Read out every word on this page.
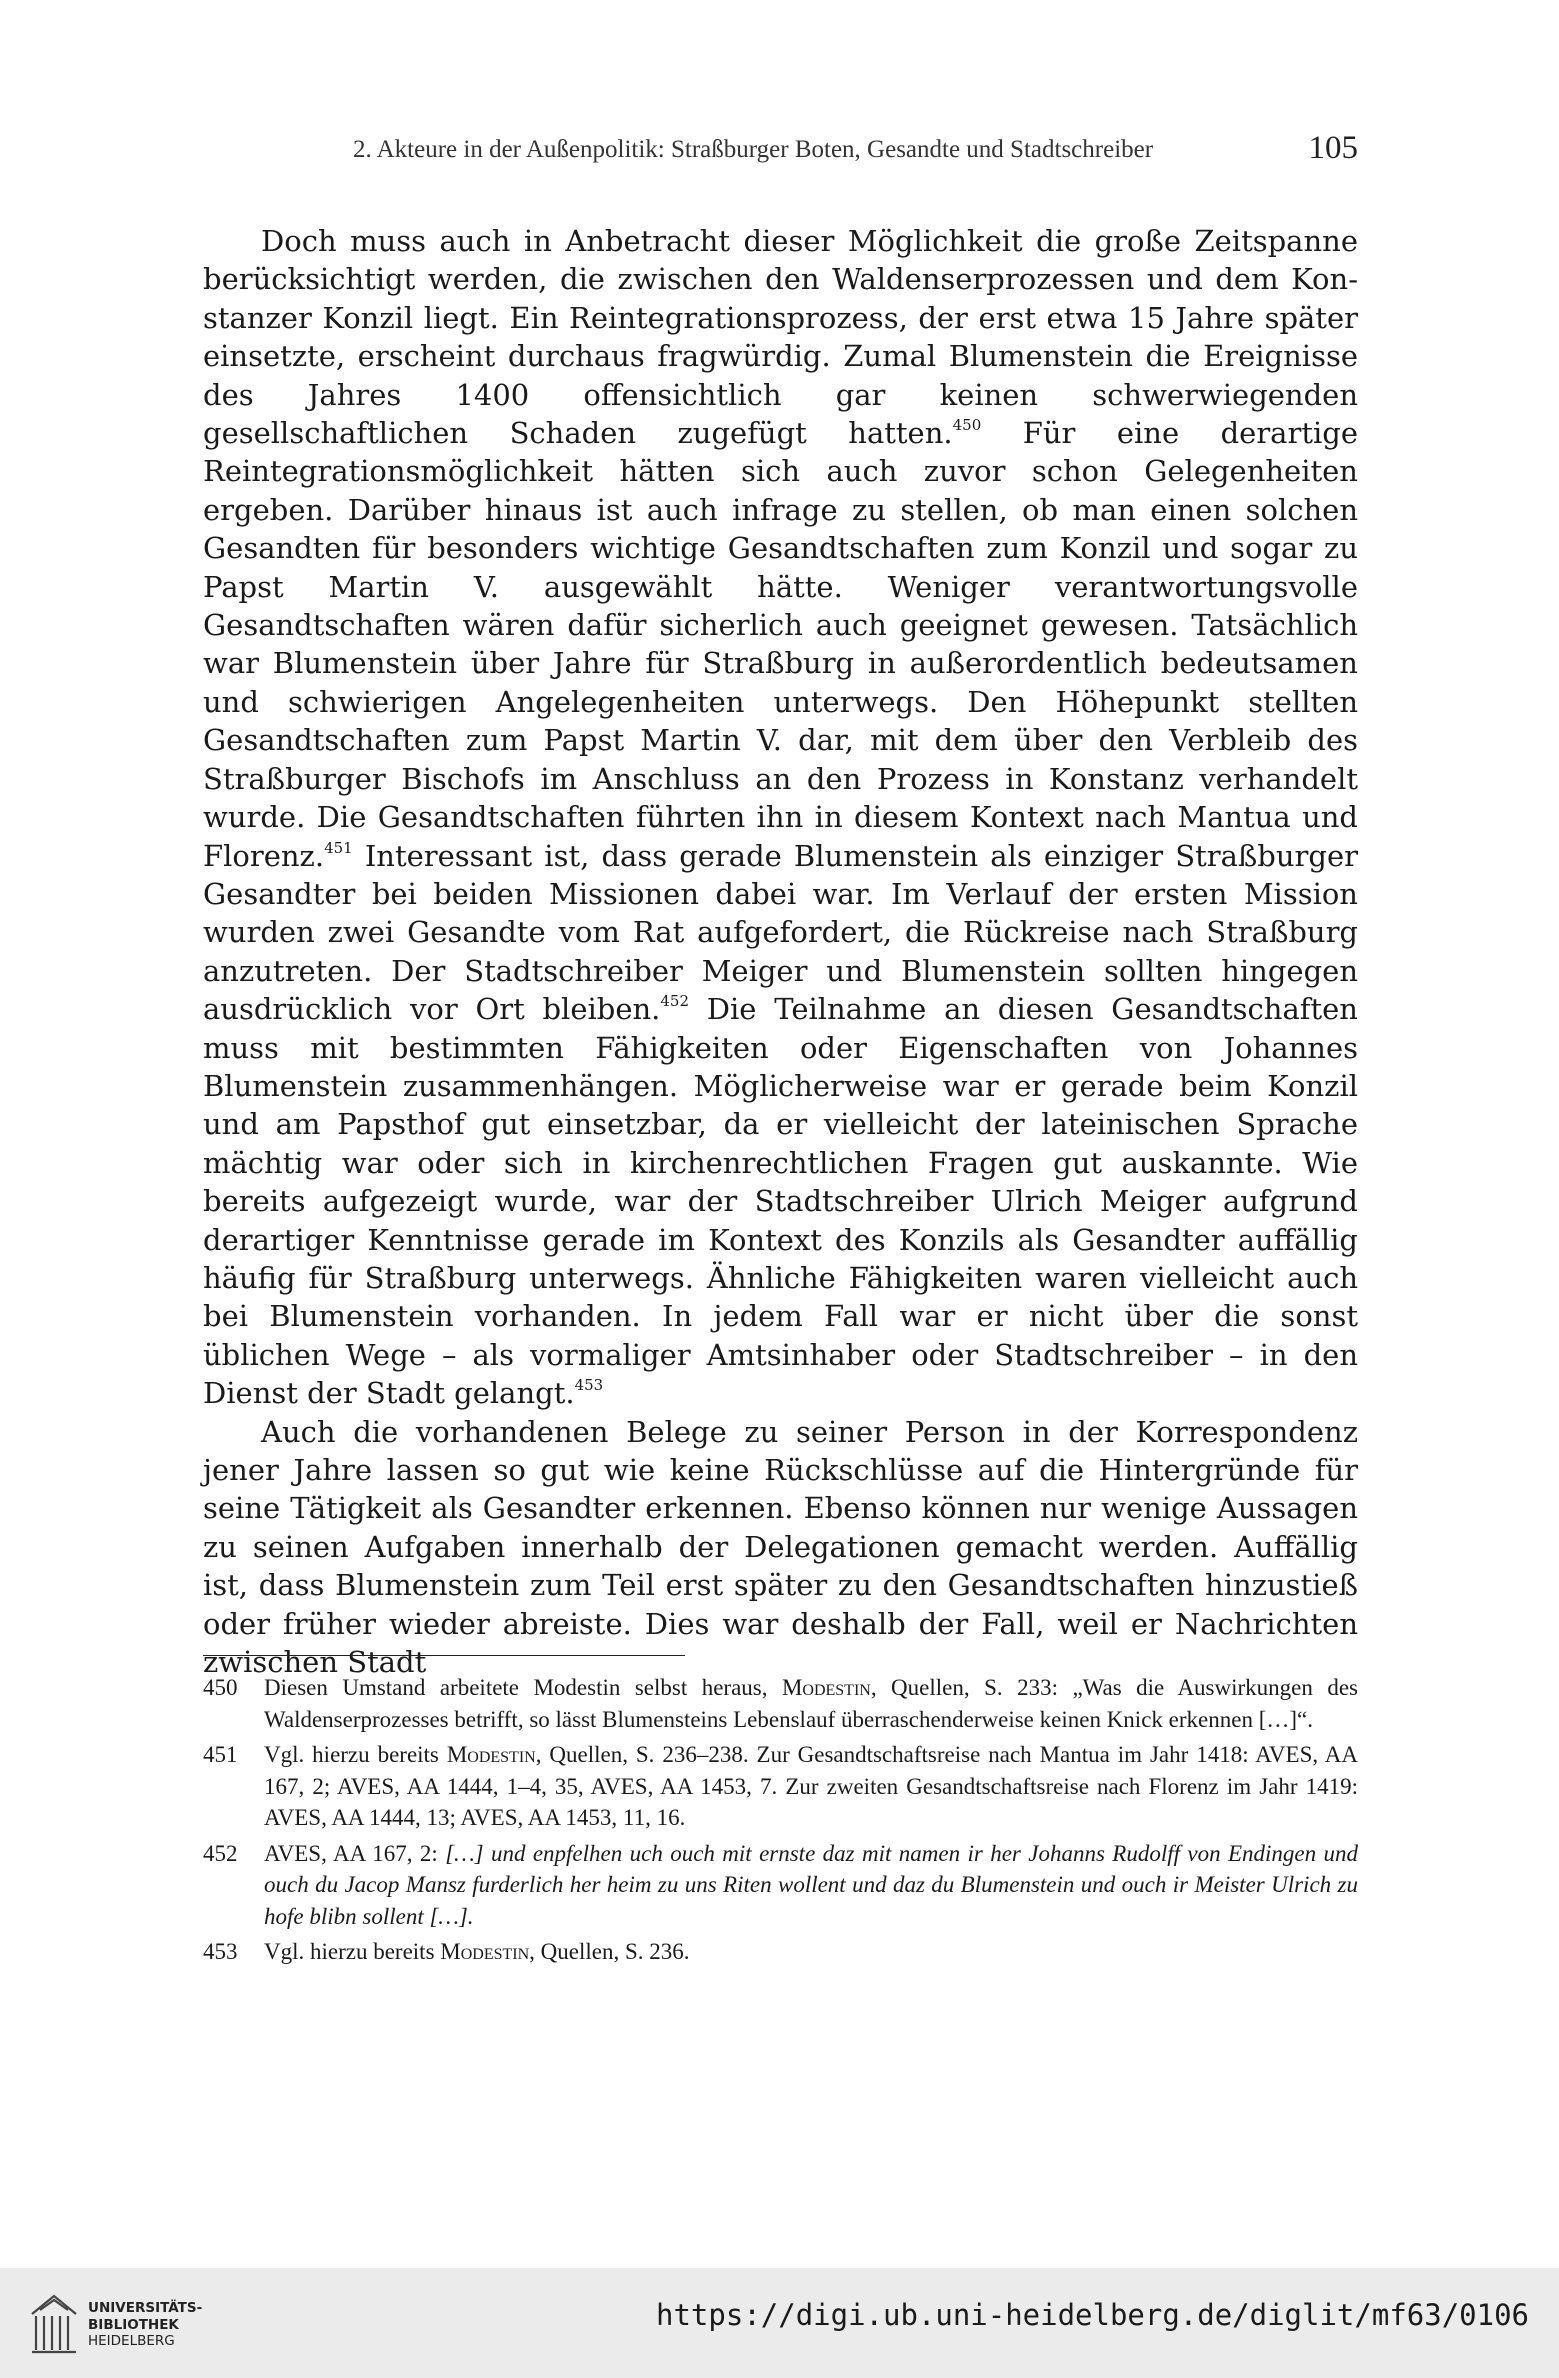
2. Akteure in der Außenpolitik: Straßburger Boten, Gesandte und Stadtschreiber	105

Doch muss auch in Anbetracht dieser Möglichkeit die große Zeitspanne berücksichtigt werden, die zwischen den Waldenserprozessen und dem Konstanzer Konzil liegt. Ein Reintegrationsprozess, der erst etwa 15 Jahre später einsetzte, erscheint durchaus fragwürdig. Zumal Blumenstein die Ereignisse des Jahres 1400 offensichtlich gar keinen schwerwiegenden gesellschaftlichen Schaden zugefügt hatten.$^{450}$ Für eine derartige Reintegrationsmöglichkeit hätten sich auch zuvor schon Gelegenheiten ergeben. Darüber hinaus ist auch infrage zu stellen, ob man einen solchen Gesandten für besonders wichtige Gesandtschaften zum Konzil und sogar zu Papst Martin V. ausgewählt hätte. Weniger verantwortungsvolle Gesandtschaften wären dafür sicherlich auch geeignet gewesen. Tatsächlich war Blumenstein über Jahre für Straßburg in außerordentlich bedeutsamen und schwierigen Angelegenheiten unterwegs. Den Höhepunkt stellten Gesandtschaften zum Papst Martin V. dar, mit dem über den Verbleib des Straßburger Bischofs im Anschluss an den Prozess in Konstanz verhandelt wurde. Die Gesandtschaften führten ihn in diesem Kontext nach Mantua und Florenz.$^{451}$ Interessant ist, dass gerade Blumenstein als einziger Straßburger Gesandter bei beiden Missionen dabei war. Im Verlauf der ersten Mission wurden zwei Gesandte vom Rat aufgefordert, die Rückreise nach Straßburg anzutreten. Der Stadtschreiber Meiger und Blumenstein sollten hingegen ausdrücklich vor Ort bleiben.$^{452}$ Die Teilnahme an diesen Gesandtschaften muss mit bestimmten Fähigkeiten oder Eigenschaften von Johannes Blumenstein zusammenhängen. Möglicherweise war er gerade beim Konzil und am Papsthof gut einsetzbar, da er vielleicht der lateinischen Sprache mächtig war oder sich in kirchenrechtlichen Fragen gut auskannte. Wie bereits aufgezeigt wurde, war der Stadtschreiber Ulrich Meiger aufgrund derartiger Kenntnisse gerade im Kontext des Konzils als Gesandter auffällig häufig für Straßburg unterwegs. Ähnliche Fähigkeiten waren vielleicht auch bei Blumenstein vorhanden. In jedem Fall war er nicht über die sonst üblichen Wege – als vormaliger Amtsinhaber oder Stadtschreiber – in den Dienst der Stadt gelangt.$^{453}$

Auch die vorhandenen Belege zu seiner Person in der Korrespondenz jener Jahre lassen so gut wie keine Rückschlüsse auf die Hintergründe für seine Tätigkeit als Gesandter erkennen. Ebenso können nur wenige Aussagen zu seinen Aufgaben innerhalb der Delegationen gemacht werden. Auffällig ist, dass Blumenstein zum Teil erst später zu den Gesandtschaften hinzustieß oder früher wieder abreiste. Dies war deshalb der Fall, weil er Nachrichten zwischen Stadt

450 Diesen Umstand arbeitete Modestin selbst heraus, Modestin, Quellen, S. 233: „Was die Auswirkungen des Waldenserprozesses betrifft, so lässt Blumensteins Lebenslauf überraschenderweise keinen Knick erkennen […]“.
451 Vgl. hierzu bereits Modestin, Quellen, S. 236–238. Zur Gesandtschaftsreise nach Mantua im Jahr 1418: AVES, AA 167, 2; AVES, AA 1444, 1–4, 35, AVES, AA 1453, 7. Zur zweiten Gesandtschaftsreise nach Florenz im Jahr 1419: AVES, AA 1444, 13; AVES, AA 1453, 11, 16.
452 AVES, AA 167, 2: […] und enpfelhen uch ouch mit ernste daz mit namen ir her Johanns Rudolff von Endingen und ouch du Jacop Mansz furderlich her heim zu uns Riten wollent und daz du Blumenstein und ouch ir Meister Ulrich zu hofe blibn sollent […].
453 Vgl. hierzu bereits Modestin, Quellen, S. 236.
UNIVERSITÄTS-
BIBLIOTHEK
HEIDELBERG
https://digi.ub.uni-heidelberg.de/diglit/mf63/0106
